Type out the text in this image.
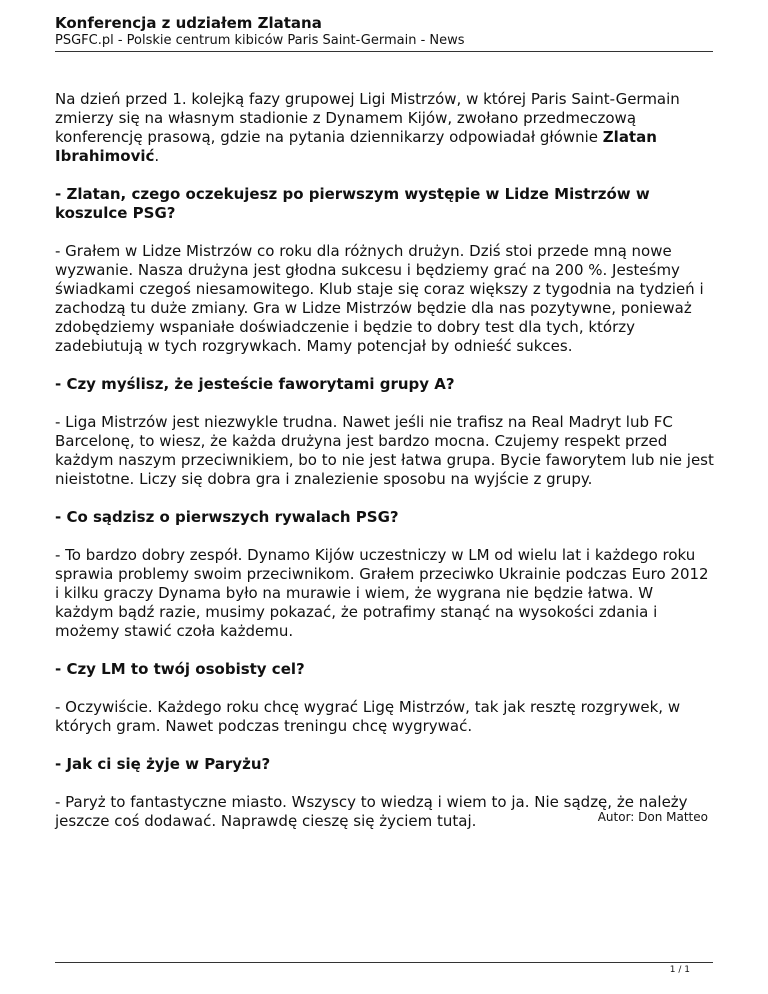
Konferencja z udziałem Zlatana
PSGFC.pl - Polskie centrum kibiców Paris Saint-Germain - News

Na dzień przed 1. kolejką fazy grupowej Ligi Mistrzów, w której Paris Saint-Germain zmierzy się na własnym stadionie z Dynamem Kijów, zwołano przedmeczową konferencję prasową, gdzie na pytania dziennikarzy odpowiadał głównie Zlatan Ibrahimović.

- Zlatan, czego oczekujesz po pierwszym występie w Lidze Mistrzów w koszulce PSG?

- Grałem w Lidze Mistrzów co roku dla różnych drużyn. Dziś stoi przede mną nowe wyzwanie. Nasza drużyna jest głodna sukcesu i będziemy grać na 200 %. Jesteśmy świadkami czegoś niesamowitego. Klub staje się coraz większy z tygodnia na tydzień i zachodzą tu duże zmiany. Gra w Lidze Mistrzów będzie dla nas pozytywne, ponieważ zdobędziemy wspaniałe doświadczenie i będzie to dobry test dla tych, którzy zadebiutują w tych rozgrywkach. Mamy potencjał by odnieść sukces.

- Czy myślisz, że jesteście faworytami grupy A?

- Liga Mistrzów jest niezwykle trudna. Nawet jeśli nie trafisz na Real Madryt lub FC Barcelonę, to wiesz, że każda drużyna jest bardzo mocna. Czujemy respekt przed każdym naszym przeciwnikiem, bo to nie jest łatwa grupa. Bycie faworytem lub nie jest nieistotne. Liczy się dobra gra i znalezienie sposobu na wyjście z grupy.

- Co sądzisz o pierwszych rywalach PSG?

- To bardzo dobry zespół. Dynamo Kijów uczestniczy w LM od wielu lat i każdego roku sprawia problemy swoim przeciwnikom. Grałem przeciwko Ukrainie podczas Euro 2012 i kilku graczy Dynama było na murawie i wiem, że wygrana nie będzie łatwa. W każdym bądź razie, musimy pokazać, że potrafimy stanąć na wysokości zdania i możemy stawić czoła każdemu.

- Czy LM to twój osobisty cel?

- Oczywiście. Każdego roku chcę wygrać Ligę Mistrzów, tak jak resztę rozgrywek, w których gram. Nawet podczas treningu chcę wygrywać.

- Jak ci się żyje w Paryżu?

- Paryż to fantastyczne miasto. Wszyscy to wiedzą i wiem to ja. Nie sądzę, że należy jeszcze coś dodawać. Naprawdę cieszę się życiem tutaj.	Autor: Don Matteo
1 / 1
